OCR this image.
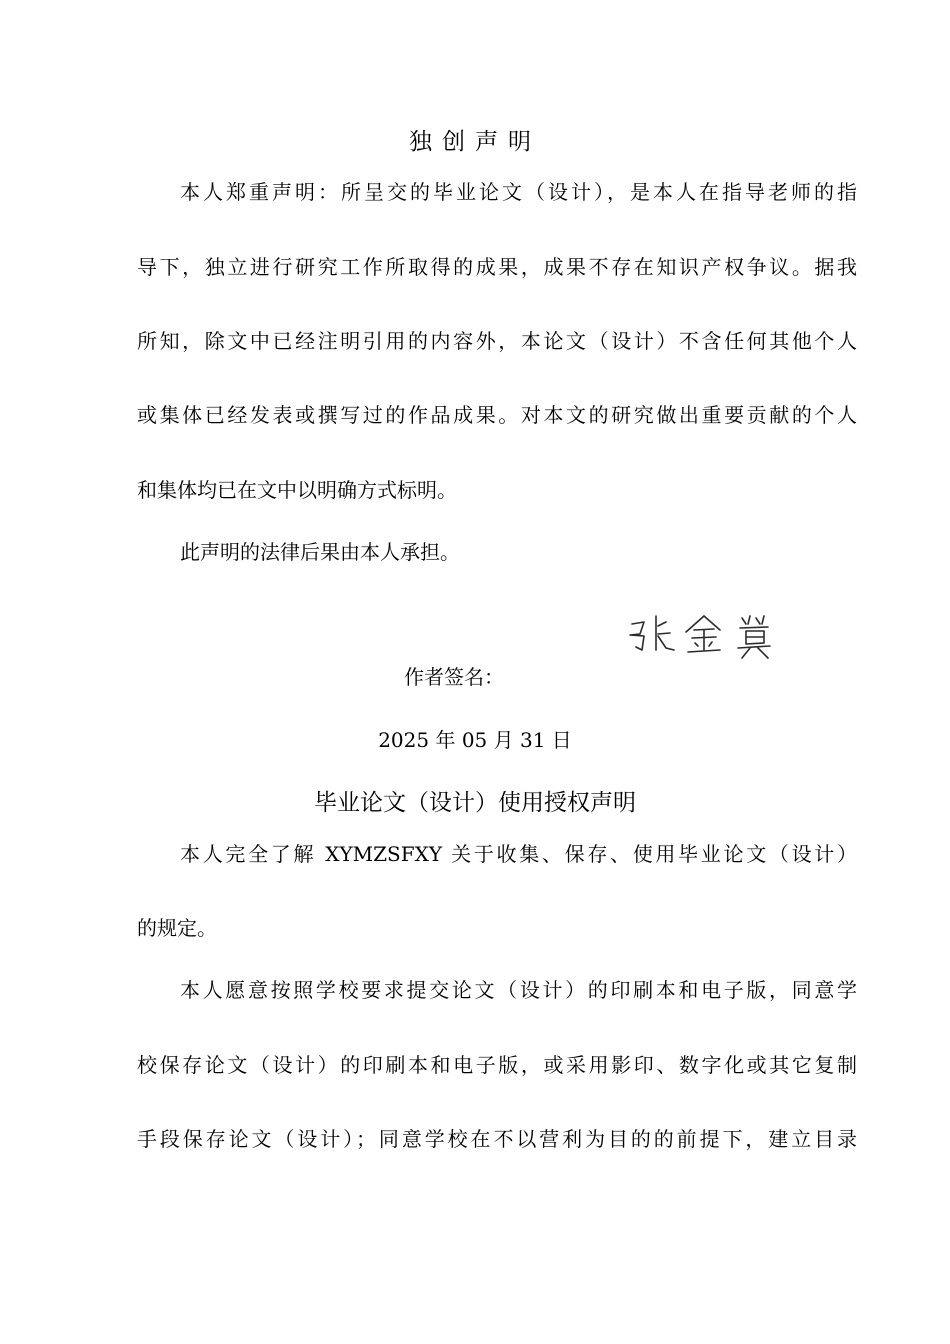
独创声明
本人郑重声明：所呈交的毕业论文（设计），是本人在指导老师的指
导下，独立进行研究工作所取得的成果，成果不存在知识产权争议。据我
所知，除文中已经注明引用的内容外，本论文（设计）不含任何其他个人
或集体已经发表或撰写过的作品成果。对本文的研究做出重要贡献的个人
和集体均已在文中以明确方式标明。
此声明的法律后果由本人承担。
作者签名：
2025 年 05 月 31 日
毕业论文（设计）使用授权声明
本人完全了解 XYMZSFXY 关于收集、保存、使用毕业论文（设计）
的规定。
本人愿意按照学校要求提交论文（设计）的印刷本和电子版，同意学
校保存论文（设计）的印刷本和电子版，或采用影印、数字化或其它复制
手段保存论文（设计）；同意学校在不以营利为目的的前提下，建立目录
